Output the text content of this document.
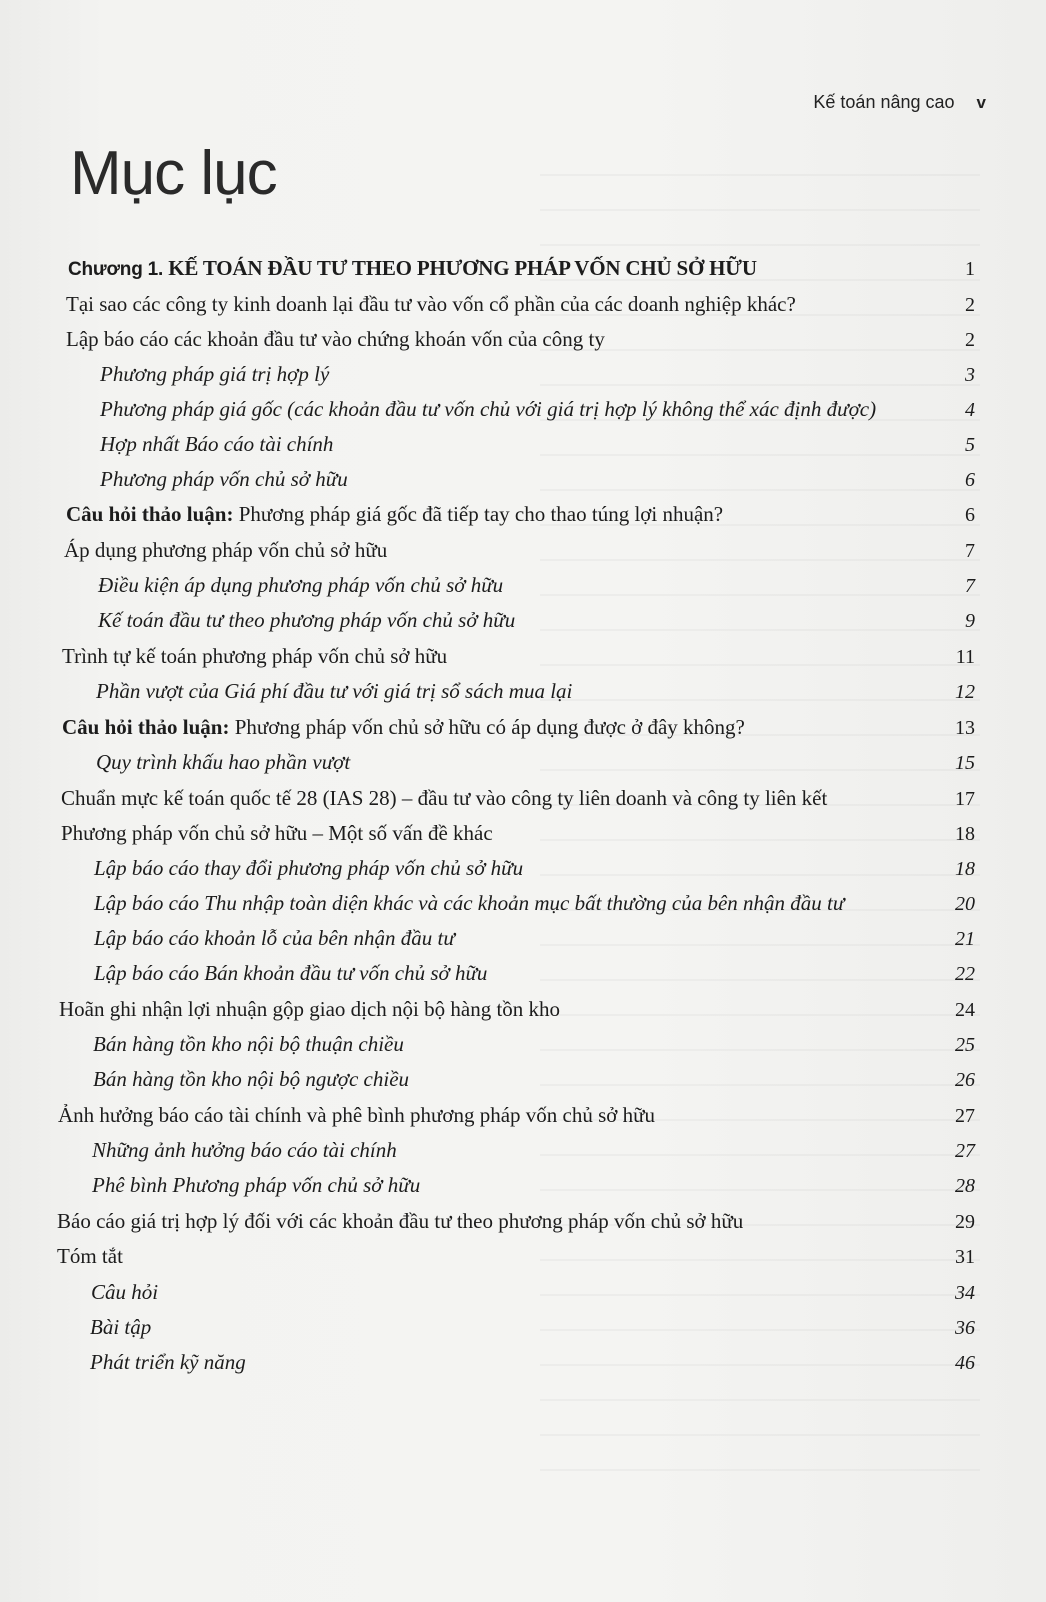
Kế toán nâng cao v
Mục lục
Chương 1. KẾ TOÁN ĐẦU TƯ THEO PHƯƠNG PHÁP VỐN CHỦ SỞ HỮU	1
Tại sao các công ty kinh doanh lại đầu tư vào vốn cổ phần của các doanh nghiệp khác?	2
Lập báo cáo các khoản đầu tư vào chứng khoán vốn của công ty	2
Phương pháp giá trị hợp lý	3
Phương pháp giá gốc (các khoản đầu tư vốn chủ với giá trị hợp lý không thể xác định được)	4
Hợp nhất Báo cáo tài chính	5
Phương pháp vốn chủ sở hữu	6
Câu hỏi thảo luận: Phương pháp giá gốc đã tiếp tay cho thao túng lợi nhuận?	6
Áp dụng phương pháp vốn chủ sở hữu	7
Điều kiện áp dụng phương pháp vốn chủ sở hữu	7
Kế toán đầu tư theo phương pháp vốn chủ sở hữu	9
Trình tự kế toán phương pháp vốn chủ sở hữu	11
Phần vượt của Giá phí đầu tư với giá trị sổ sách mua lại	12
Câu hỏi thảo luận: Phương pháp vốn chủ sở hữu có áp dụng được ở đây không?	13
Quy trình khấu hao phần vượt	15
Chuẩn mực kế toán quốc tế 28 (IAS 28) – đầu tư vào công ty liên doanh và công ty liên kết	17
Phương pháp vốn chủ sở hữu – Một số vấn đề khác	18
Lập báo cáo thay đổi phương pháp vốn chủ sở hữu	18
Lập báo cáo Thu nhập toàn diện khác và các khoản mục bất thường của bên nhận đầu tư	20
Lập báo cáo khoản lỗ của bên nhận đầu tư	21
Lập báo cáo Bán khoản đầu tư vốn chủ sở hữu	22
Hoãn ghi nhận lợi nhuận gộp giao dịch nội bộ hàng tồn kho	24
Bán hàng tồn kho nội bộ thuận chiều	25
Bán hàng tồn kho nội bộ ngược chiều	26
Ảnh hưởng báo cáo tài chính và phê bình phương pháp vốn chủ sở hữu	27
Những ảnh hưởng báo cáo tài chính	27
Phê bình Phương pháp vốn chủ sở hữu	28
Báo cáo giá trị hợp lý đối với các khoản đầu tư theo phương pháp vốn chủ sở hữu	29
Tóm tắt	31
Câu hỏi	34
Bài tập	36
Phát triển kỹ năng	46
